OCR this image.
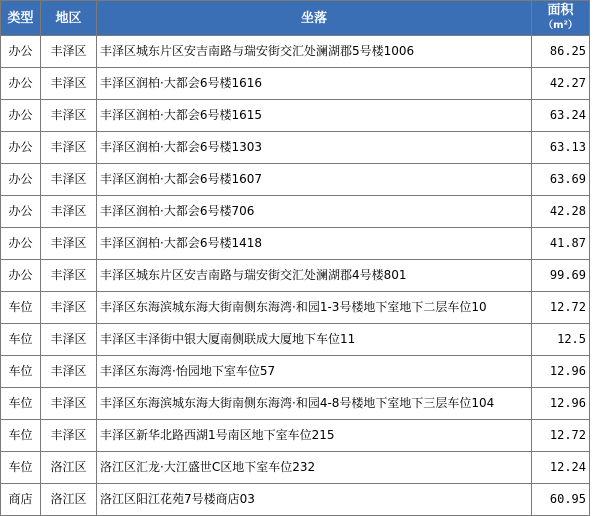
类型	地区	坐落	面积
（m²）

办公	丰泽区	丰泽区城东片区安吉南路与瑞安街交汇处澜湖郡5号楼1006	86.25
办公	丰泽区	丰泽区润柏·大都会6号楼1616	42.27
办公	丰泽区	丰泽区润柏·大都会6号楼1615	63.24
办公	丰泽区	丰泽区润柏·大都会6号楼1303	63.13
办公	丰泽区	丰泽区润柏·大都会6号楼1607	63.69
办公	丰泽区	丰泽区润柏·大都会6号楼706	42.28
办公	丰泽区	丰泽区润柏·大都会6号楼1418	41.87
办公	丰泽区	丰泽区城东片区安吉南路与瑞安街交汇处澜湖郡4号楼801	99.69
车位	丰泽区	丰泽区东海滨城东海大街南侧东海湾·和园1-3号楼地下室地下二层车位10	12.72
车位	丰泽区	丰泽区丰泽街中银大厦南侧联成大厦地下车位11	12.5
车位	丰泽区	丰泽区东海湾·怡园地下室车位57	12.96
车位	丰泽区	丰泽区东海滨城东海大街南侧东海湾·和园4-8号楼地下室地下三层车位104	12.96
车位	丰泽区	丰泽区新华北路西湖1号南区地下室车位215	12.72
车位	洛江区	洛江区汇龙·大江盛世C区地下室车位232	12.24
商店	洛江区	洛江区阳江花苑7号楼商店03	60.95
